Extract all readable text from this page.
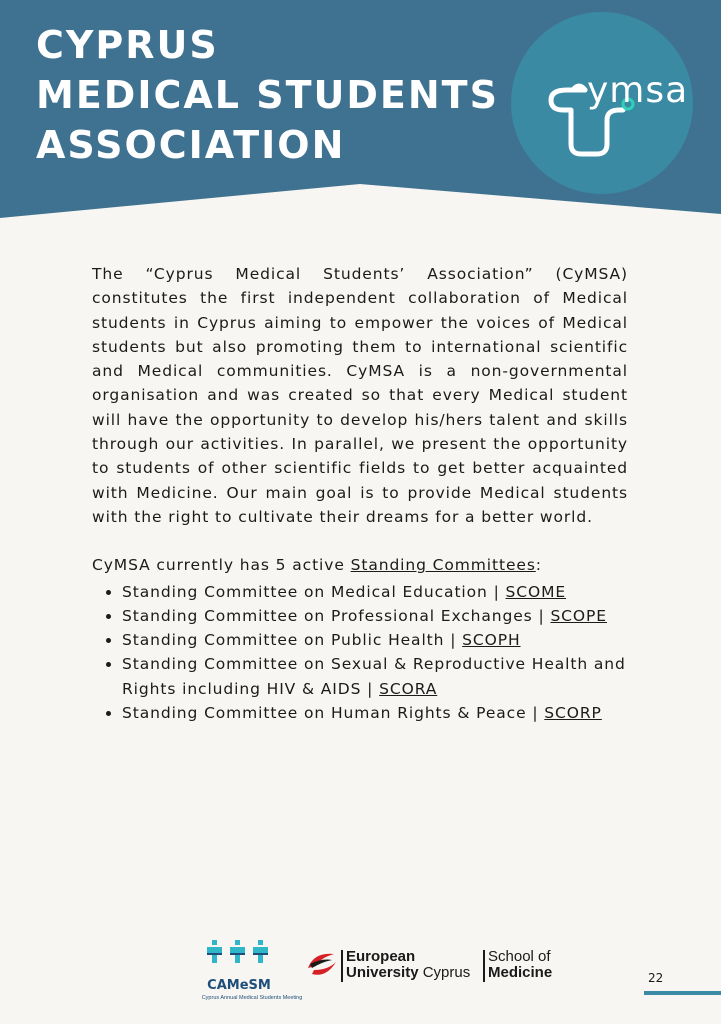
CYPRUS
MEDICAL STUDENTS
ASSOCIATION
ymsa

The “Cyprus Medical Students’ Association” (CyMSA) constitutes the first independent collaboration of Medical students in Cyprus aiming to empower the voices of Medical students but also promoting them to international scientific and Medical communities. CyMSA is a non-governmental organisation and was created so that every Medical student will have the opportunity to develop his/hers talent and skills through our activities. In parallel, we present the opportunity to students of other scientific fields to get better acquainted with Medicine. Our main goal is to provide Medical students with the right to cultivate their dreams for a better world.

CyMSA currently has 5 active Standing Committees:

• Standing Committee on Medical Education | SCOME
• Standing Committee on Professional Exchanges | SCOPE
• Standing Committee on Public Health | SCOPH
• Standing Committee on Sexual & Reproductive Health and Rights including HIV & AIDS | SCORA
• Standing Committee on Human Rights & Peace | SCORP
CAMeSM
Cyprus Annual Medical Students Meeting
European
University Cyprus
School of
Medicine	22
